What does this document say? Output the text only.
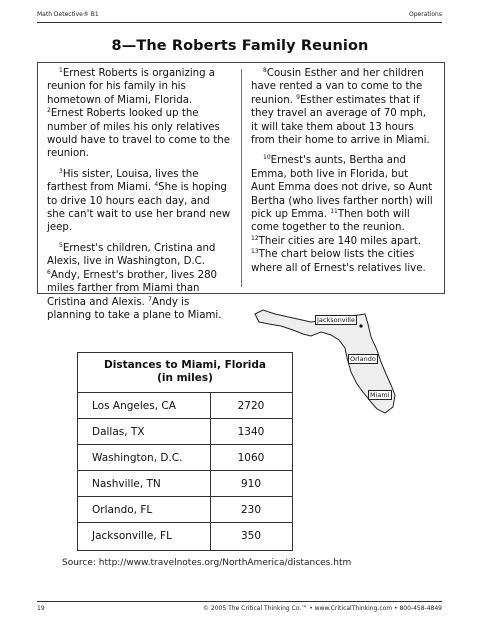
Math Detective® B1	Operations
8—The Roberts Family Reunion

$^1$Ernest Roberts is organizing a reunion for his family in his hometown of Miami, Florida. $^2$Ernest Roberts looked up the number of miles his only relatives would have to travel to come to the reunion.

$^3$His sister, Louisa, lives the farthest from Miami. $^4$She is hoping to drive 10 hours each day, and she can't wait to use her brand new jeep.

$^5$Ernest's children, Cristina and Alexis, live in Washington, D.C. $^6$Andy, Ernest's brother, lives 280 miles farther from Miami than Cristina and Alexis. $^7$Andy is planning to take a plane to Miami.

$^8$Cousin Esther and her children have rented a van to come to the reunion. $^9$Esther estimates that if they travel an average of 70 mph, it will take them about 13 hours from their home to arrive in Miami.

$^{10}$Ernest's aunts, Bertha and Emma, both live in Florida, but Aunt Emma does not drive, so Aunt Bertha (who lives farther north) will pick up Emma. $^{11}$Then both will come together to the reunion. $^{12}$Their cities are 140 miles apart. $^{13}$The chart below lists the cities where all of Ernest's relatives live.

Jacksonville
Orlando
Miami
Distances to Miami, Florida
(in miles)
Los Angeles, CA	2720
Dallas, TX	1340
Washington, D.C.	1060
Nashville, TN	910
Orlando, FL	230
Jacksonville, FL	350
Source: http://www.travelnotes.org/NorthAmerica/distances.htm
19	© 2005 The Critical Thinking Co.™ • www.CriticalThinking.com • 800-458-4849
